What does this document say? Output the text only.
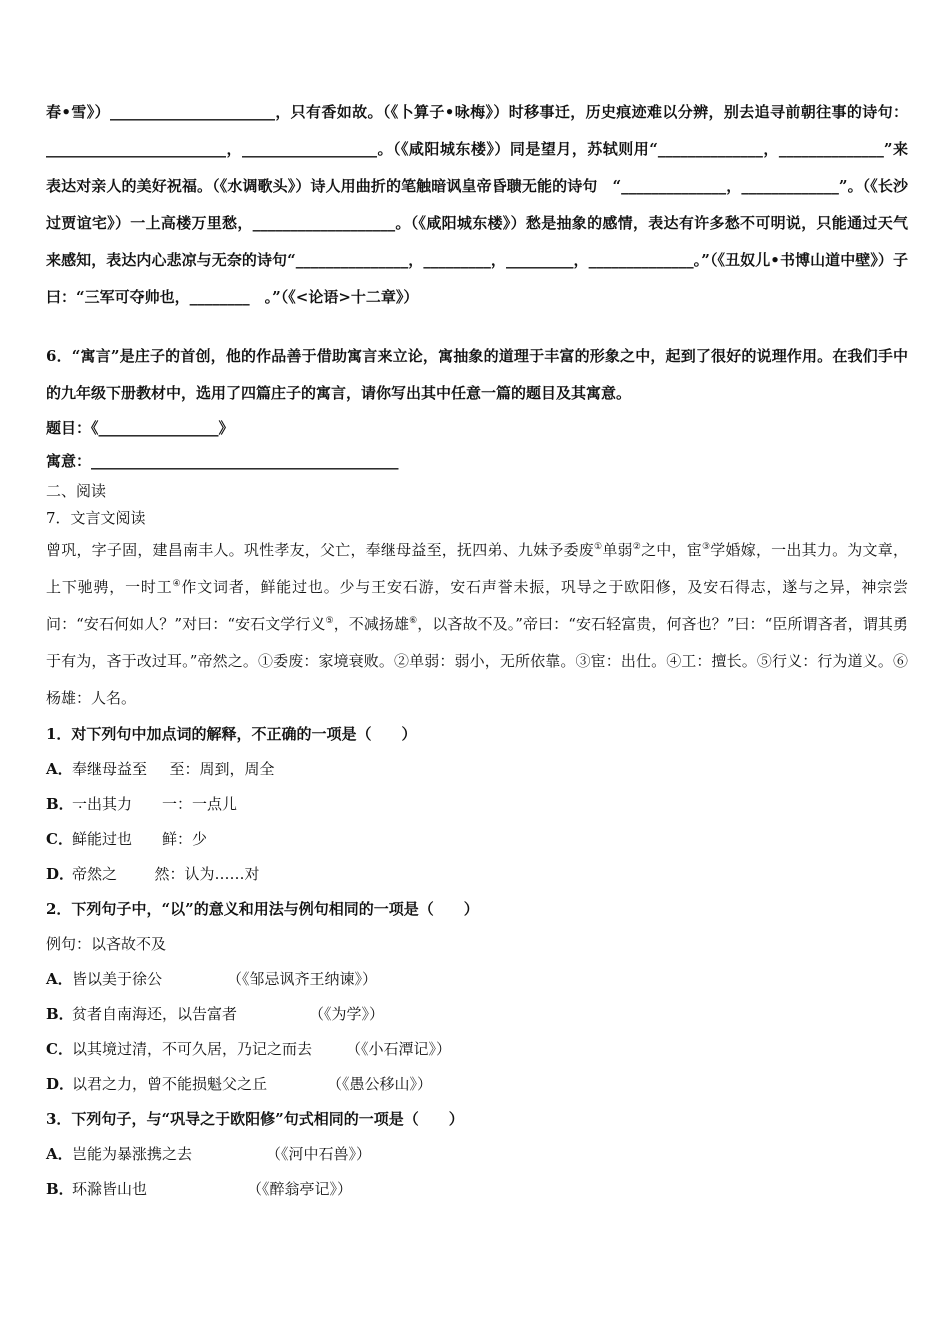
春•雪》）______________________，只有香如故。（《卜算子•咏梅》）时移事迁，历史痕迹难以分辨，别去追寻前朝往事的诗句：________________________，__________________。（《咸阳城东楼》）同是望月，苏轼则用“______________，______________”来表达对亲人的美好祝福。（《水调歌头》）诗人用曲折的笔触暗讽皇帝昏聩无能的诗句　“______________，_____________”。（《长沙过贾谊宅》）一上高楼万里愁，___________________。（《咸阳城东楼》）愁是抽象的感情，表达有许多愁不可明说，只能通过天气来感知，表达内心悲凉与无奈的诗句“_______________，_________，_________，______________。”（《丑奴儿•书博山道中壁》）子曰：“三军可夺帅也，________　。”（《<论语>十二章》）

6．“寓言”是庄子的首创，他的作品善于借助寓言来立论，寓抽象的道理于丰富的形象之中，起到了很好的说理作用。在我们手中的九年级下册教材中，选用了四篇庄子的寓言，请你写出其中任意一篇的题目及其寓意。

题目：《________________》

寓意：_________________________________________

二、阅读

7．文言文阅读

曾巩，字子固，建昌南丰人。巩性孝友，父亡，奉继母益至，抚四弟、九妹予委废①单弱②之中，宦③学婚嫁，一出其力。为文章，上下驰骋，一时工④作文词者，鲜能过也。少与王安石游，安石声誉未振，巩导之于欧阳修，及安石得志，遂与之异，神宗尝问：“安石何如人？”对曰：“安石文学行义⑤，不减扬雄⑥，以吝故不及。”帝曰：“安石轻富贵，何吝也？”曰：“臣所谓吝者，谓其勇于有为，吝于改过耳。”帝然之。①委废：家境衰败。②单弱：弱小，无所依靠。③宦：出仕。④工：擅长。⑤行义：行为道义。⑥杨雄：人名。

1．对下列句中加点词的解释，不正确的一项是（　　）

A．奉继母益至 .   至：周到，周全

B．一 .出其力   一：一点儿

C．鲜 .能过也   鲜：少

D．帝然 .之   	然：认为……对

2．下列句子中，“以”的意义和用法与例句相同的一项是（　　）

例句：以 .吝故不及

A．皆以 .美于徐公	（《邹忌讽齐王纳谏》）

B．贫者自南海还，以 .告富者	（《为学》）

C．以 .其境过清，不可久居，乃记之而去 （《小石潭记》）

D．以 .君之力，曾不能损魁父之丘	（《愚公移山》）

3．下列句子，与“巩导之于欧阳修”句式相同的一项是（　　）

A．岂能为暴涨携之去	（《河中石兽》）

B．环滁皆山也	（《醉翁亭记》）
